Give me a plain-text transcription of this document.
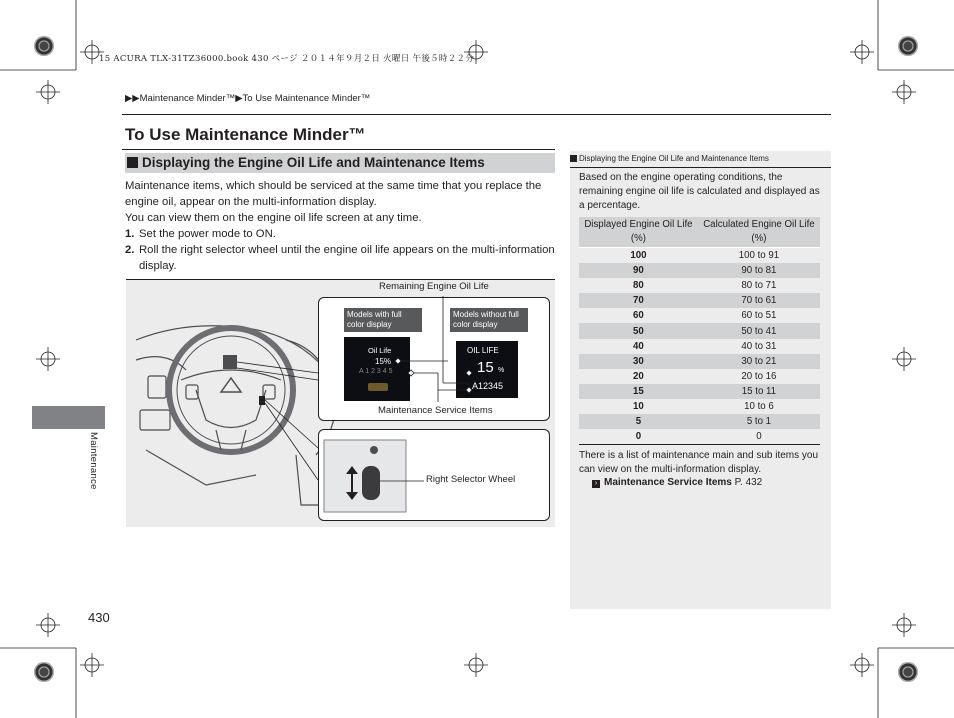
15 ACURA TLX-31TZ36000.book 430 ページ ２０１４年９月２日 火曜日 午後５時２２分
▶▶Maintenance Minder™▶To Use Maintenance Minder™
To Use Maintenance Minder™
Displaying the Engine Oil Life and Maintenance Items

Maintenance items, which should be serviced at the same time that you replace the engine oil, appear on the multi-information display.

You can view them on the engine oil life screen at any time.

1. Set the power mode to ON.
2. Roll the right selector wheel until the engine oil life appears on the multi-information display.
Models with full color display
Models without full color display
Oil Life
15%
A 1 2 3 4 5
OIL LIFE
15 %
A12345
Remaining Engine Oil Life
Maintenance Service Items
Right Selector Wheel
Displaying the Engine Oil Life and Maintenance Items
Based on the engine operating conditions, the remaining engine oil life is calculated and displayed as a percentage.
Displayed Engine Oil Life (%)	Calculated Engine Oil Life (%)
100	100 to 91
90	90 to 81
80	80 to 71
70	70 to 61
60	60 to 51
50	50 to 41
40	40 to 31
30	30 to 21
20	20 to 16
15	15 to 11
10	10 to 6
5	5 to 1
0	0
There is a list of maintenance main and sub items you can view on the multi-information display.
› Maintenance Service Items P. 432
Maintenance
430
